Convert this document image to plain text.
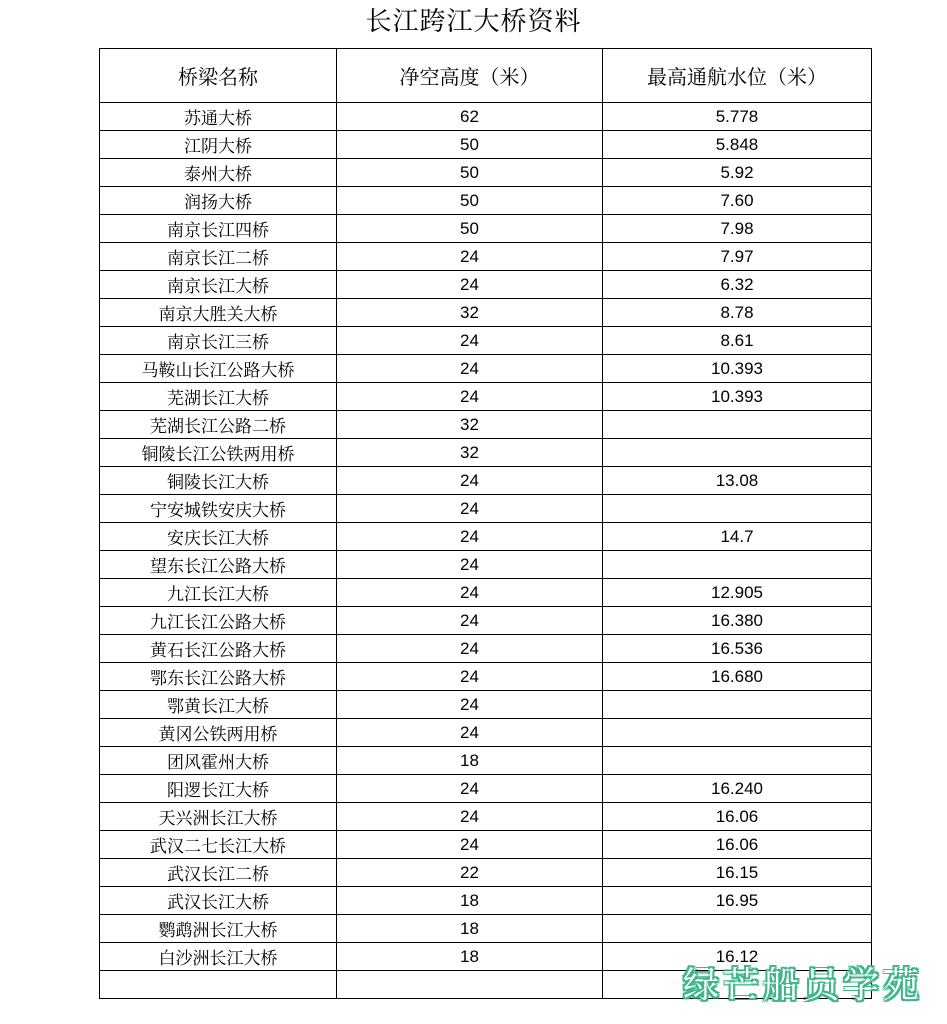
长江跨江大桥资料
桥梁名称	净空高度（米）	最高通航水位（米）
苏通大桥	62	5.778
江阴大桥	50	5.848
泰州大桥	50	5.92
润扬大桥	50	7.60
南京长江四桥	50	7.98
南京长江二桥	24	7.97
南京长江大桥	24	6.32
南京大胜关大桥	32	8.78
南京长江三桥	24	8.61
马鞍山长江公路大桥	24	10.393
芜湖长江大桥	24	10.393
芜湖长江公路二桥	32	
铜陵长江公铁两用桥	32	
铜陵长江大桥	24	13.08
宁安城铁安庆大桥	24	
安庆长江大桥	24	14.7
望东长江公路大桥	24	
九江长江大桥	24	12.905
九江长江公路大桥	24	16.380
黄石长江公路大桥	24	16.536
鄂东长江公路大桥	24	16.680
鄂黄长江大桥	24	
黄冈公铁两用桥	24	
团风霍州大桥	18	
阳逻长江大桥	24	16.240
天兴洲长江大桥	24	16.06
武汉二七长江大桥	24	16.06
武汉长江二桥	22	16.15
武汉长江大桥	18	16.95
鹦鹉洲长江大桥	18	
白沙洲长江大桥	18	16.12

绿芒船员学苑
